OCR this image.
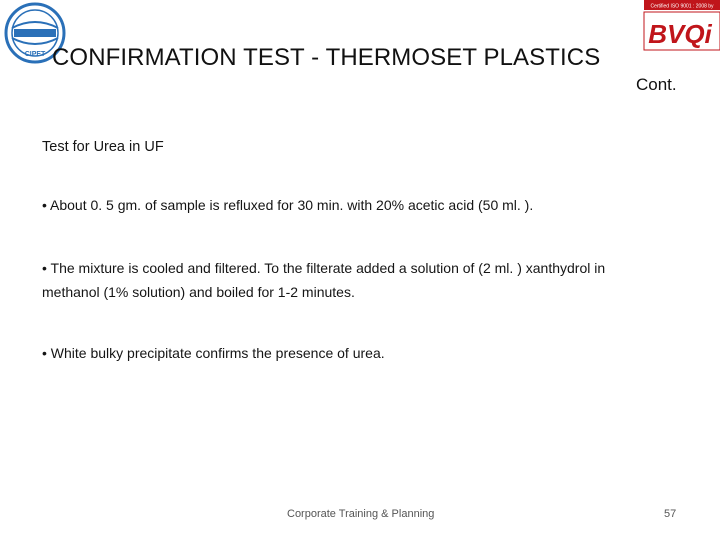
CIPET
Certified ISO 9001 : 2008 by
BVQi
CONFIRMATION TEST - THERMOSET PLASTICS
Cont.
Test for Urea in UF
• About 0. 5 gm. of sample is refluxed for 30 min. with 20% acetic acid (50 ml. ).
• The mixture is cooled and filtered. To the filterate added a solution of (2 ml. ) xanthydrol in methanol (1% solution) and boiled for 1-2 minutes.
• White bulky precipitate confirms the presence of urea.
Corporate Training & Planning	57
